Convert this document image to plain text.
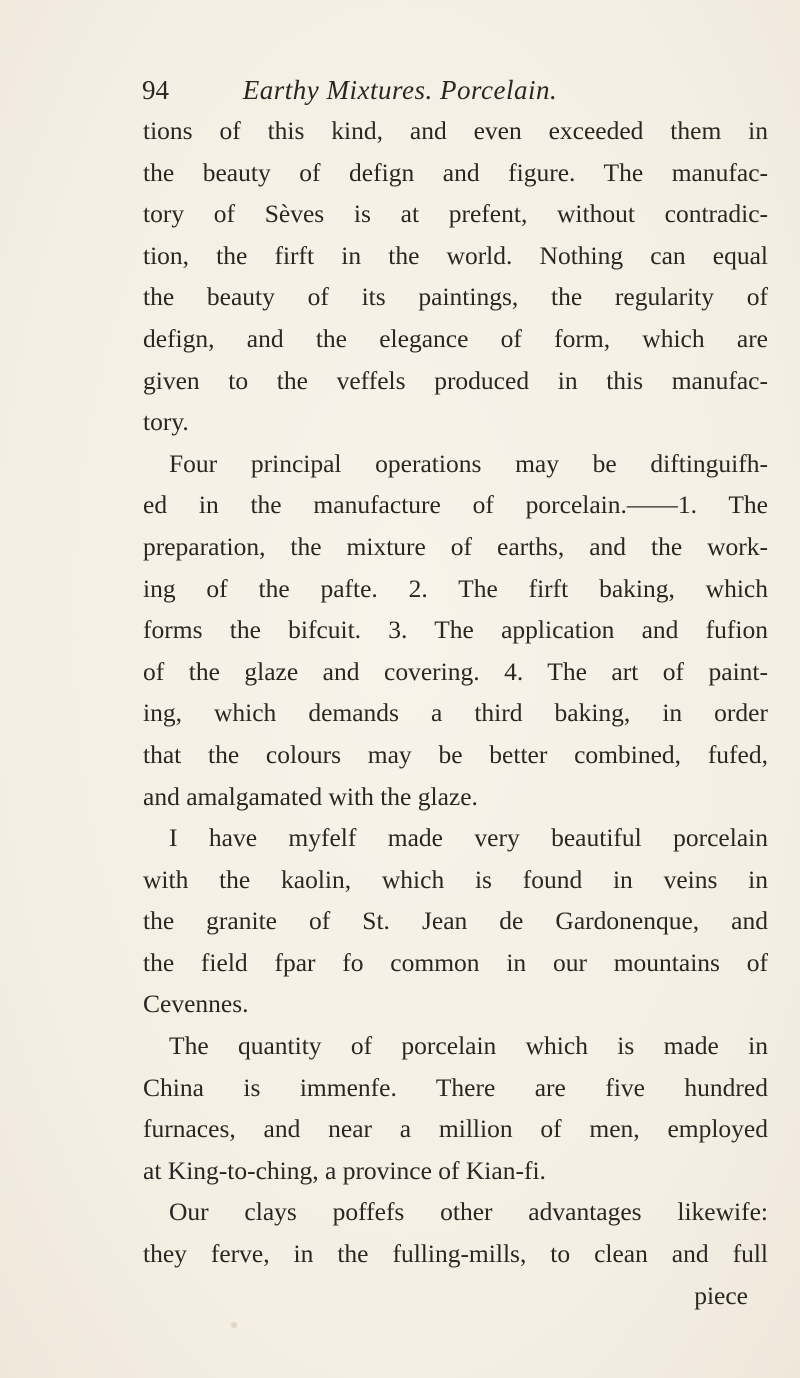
94	Earthy Mixtures. Porcelain.
tions of this kind, and even exceeded them in
the beauty of defign and figure. The manufac-
tory of Sèves is at prefent, without contradic-
tion, the firft in the world. Nothing can equal
the beauty of its paintings, the regularity of
defign, and the elegance of form, which are
given to the veffels produced in this manufac-
tory.
Four principal operations may be diftinguifh-
ed in the manufacture of porcelain.——1. The
preparation, the mixture of earths, and the work-
ing of the pafte. 2. The firft baking, which
forms the bifcuit. 3. The application and fufion
of the glaze and covering. 4. The art of paint-
ing, which demands a third baking, in order
that the colours may be better combined, fufed,
and amalgamated with the glaze.
I have myfelf made very beautiful porcelain
with the kaolin, which is found in veins in
the granite of St. Jean de Gardonenque, and
the field fpar fo common in our mountains of
Cevennes.
The quantity of porcelain which is made in
China is immenfe. There are five hundred
furnaces, and near a million of men, employed
at King-to-ching, a province of Kian-fi.
Our clays poffefs other advantages likewife:
they ferve, in the fulling-mills, to clean and full
piece
